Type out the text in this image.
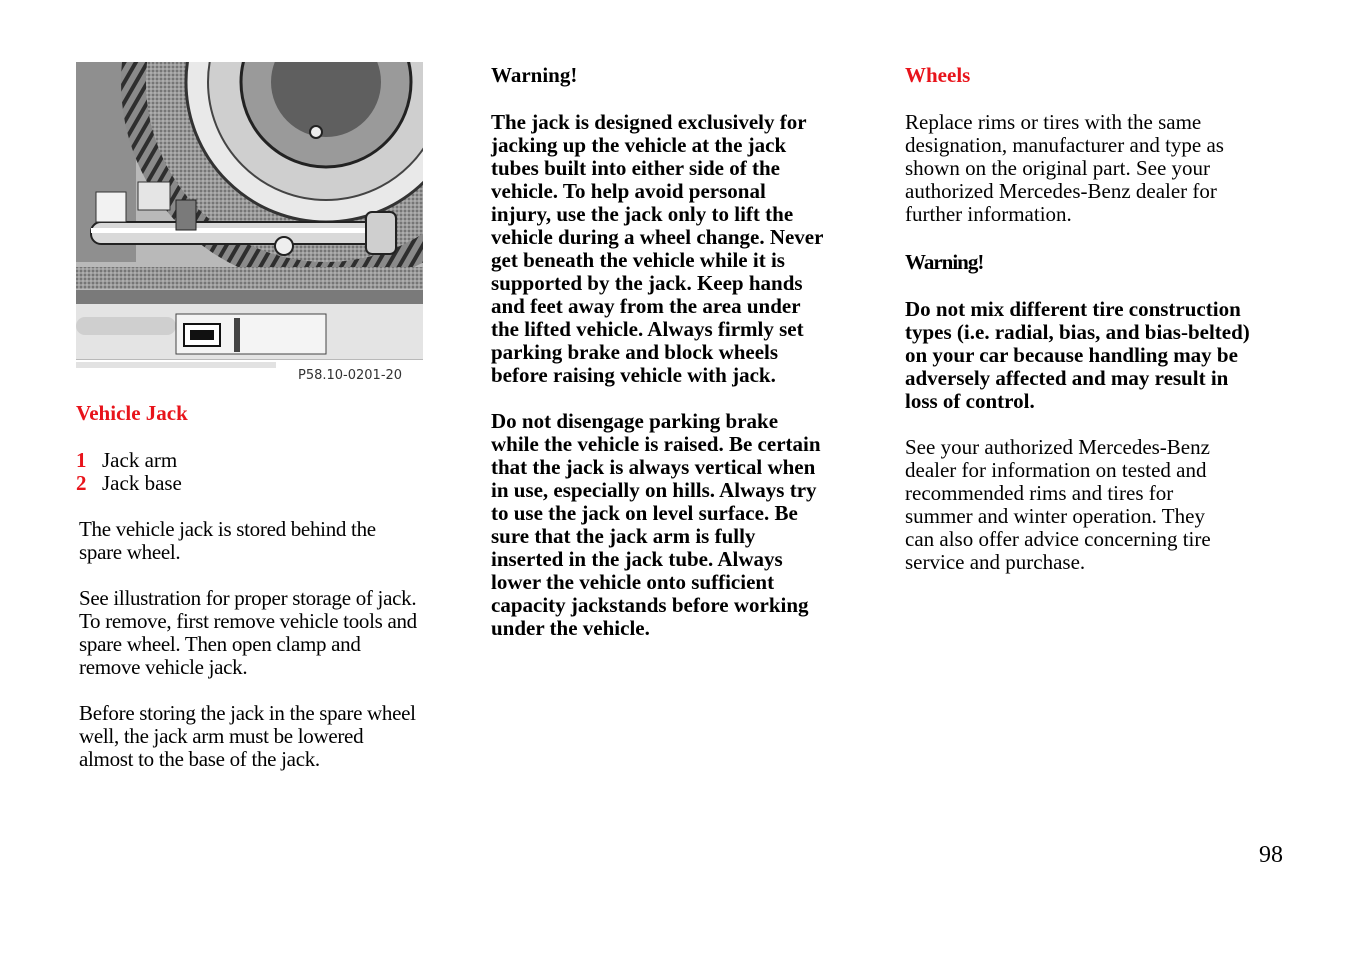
P58.10-0201-20
Vehicle Jack
1 Jack arm
2 Jack base

The vehicle jack is stored behind the

spare wheel.

See illustration for proper storage of jack.

To remove, first remove vehicle tools and

spare wheel. Then open clamp and

remove vehicle jack.

Before storing the jack in the spare wheel

well, the jack arm must be lowered

almost to the base of the jack.

Warning!

The jack is designed exclusively for

jacking up the vehicle at the jack

tubes built into either side of the

vehicle. To help avoid personal

injury, use the jack only to lift the

vehicle during a wheel change. Never

get beneath the vehicle while it is

supported by the jack. Keep hands

and feet away from the area under

the lifted vehicle. Always firmly set

parking brake and block wheels

before raising vehicle with jack.

Do not disengage parking brake

while the vehicle is raised. Be certain

that the jack is always vertical when

in use, especially on hills. Always try

to use the jack on level surface. Be

sure that the jack arm is fully

inserted in the jack tube. Always

lower the vehicle onto sufficient

capacity jackstands before working

under the vehicle.

Wheels

Replace rims or tires with the same

designation, manufacturer and type as

shown on the original part. See your

authorized Mercedes-Benz dealer for

further information.

Warning!

Do not mix different tire construction

types (i.e. radial, bias, and bias-belted)

on your car because handling may be

adversely affected and may result in

loss of control.

See your authorized Mercedes-Benz

dealer for information on tested and

recommended rims and tires for

summer and winter operation. They

can also offer advice concerning tire

service and purchase.

98
